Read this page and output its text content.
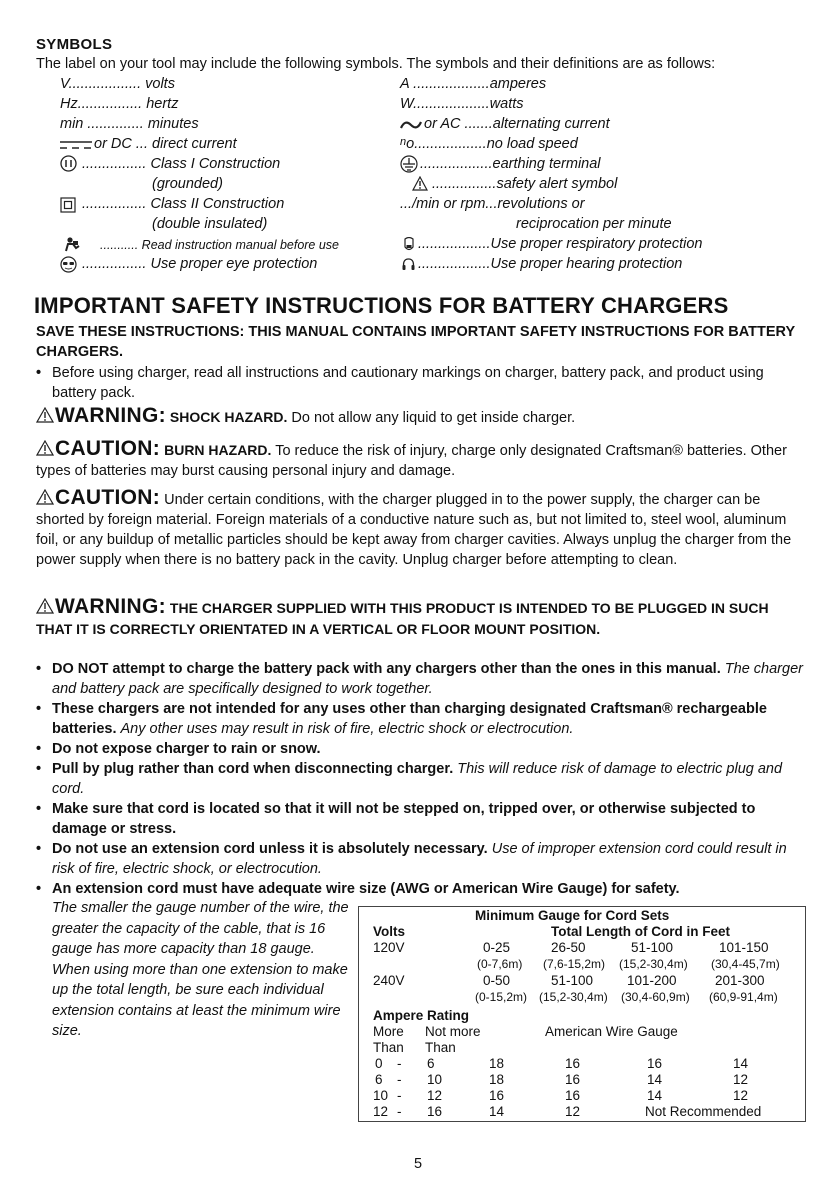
SYMBOLS
The label on your tool may include the following symbols. The symbols and their definitions are as follows:
V.................. volts
Hz................ hertz
min .............. minutes
or DC ... direct current
................ Class I Construction
(grounded)
................ Class II Construction
(double insulated)
........... Read instruction manual before use
................ Use proper eye protection
A ...................amperes
W...................watts
or AC .......alternating current
$^n$o..................no load speed
..................earthing terminal
................safety alert symbol
.../min or rpm...revolutions or
reciprocation per minute
..................Use proper respiratory protection
..................Use proper hearing protection
IMPORTANT SAFETY INSTRUCTIONS FOR BATTERY CHARGERS
SAVE THESE INSTRUCTIONS: THIS MANUAL CONTAINS IMPORTANT SAFETY INSTRUCTIONS FOR BATTERY CHARGERS.
• Before using charger, read all instructions and cautionary markings on charger, battery pack, and product using battery pack.
WARNING: SHOCK HAZARD. Do not allow any liquid to get inside charger.
CAUTION: BURN HAZARD. To reduce the risk of injury, charge only designated Craftsman® batteries. Other types of batteries may burst causing personal injury and damage.
CAUTION: Under certain conditions, with the charger plugged in to the power supply, the charger can be shorted by foreign material. Foreign materials of a conductive nature such as, but not limited to, steel wool, aluminum foil, or any buildup of metallic particles should be kept away from charger cavities. Always unplug the charger from the power supply when there is no battery pack in the cavity. Unplug charger before attempting to clean.
WARNING: THE CHARGER SUPPLIED WITH THIS PRODUCT IS INTENDED TO BE PLUGGED IN SUCH THAT IT IS CORRECTLY ORIENTATED IN A VERTICAL OR FLOOR MOUNT POSITION.
• DO NOT attempt to charge the battery pack with any chargers other than the ones in this manual. The charger and battery pack are specifically designed to work together.
• These chargers are not intended for any uses other than charging designated Craftsman® rechargeable batteries. Any other uses may result in risk of fire, electric shock or electrocution.
• Do not expose charger to rain or snow.
• Pull by plug rather than cord when disconnecting charger. This will reduce risk of damage to electric plug and cord.
• Make sure that cord is located so that it will not be stepped on, tripped over, or otherwise subjected to damage or stress.
• Do not use an extension cord unless it is absolutely necessary. Use of improper extension cord could result in risk of fire, electric shock, or electrocution.
• An extension cord must have adequate wire size (AWG or American Wire Gauge) for safety.
The smaller the gauge number of the wire, the greater the capacity of the cable, that is 16 gauge has more capacity than 18 gauge. When using more than one extension to make up the total length, be sure each individual extension contains at least the minimum wire size.
Minimum Gauge for Cord Sets
Volts	Total Length of Cord in Feet
120V	0-25	26-50	51-100	101-150
(0-7,6m) (7,6-15,2m) (15,2-30,4m) (30,4-45,7m)
240V	0-50	51-100	101-200	201-300
(0-15,2m) (15,2-30,4m) (30,4-60,9m) (60,9-91,4m)
Ampere Rating
More Not more	American Wire Gauge
Than Than
0 - 6	18	16	16	14
6 - 10	18	16	14	12
10 - 12	16	16	14	12
12 - 16	14	12	Not Recommended
5
